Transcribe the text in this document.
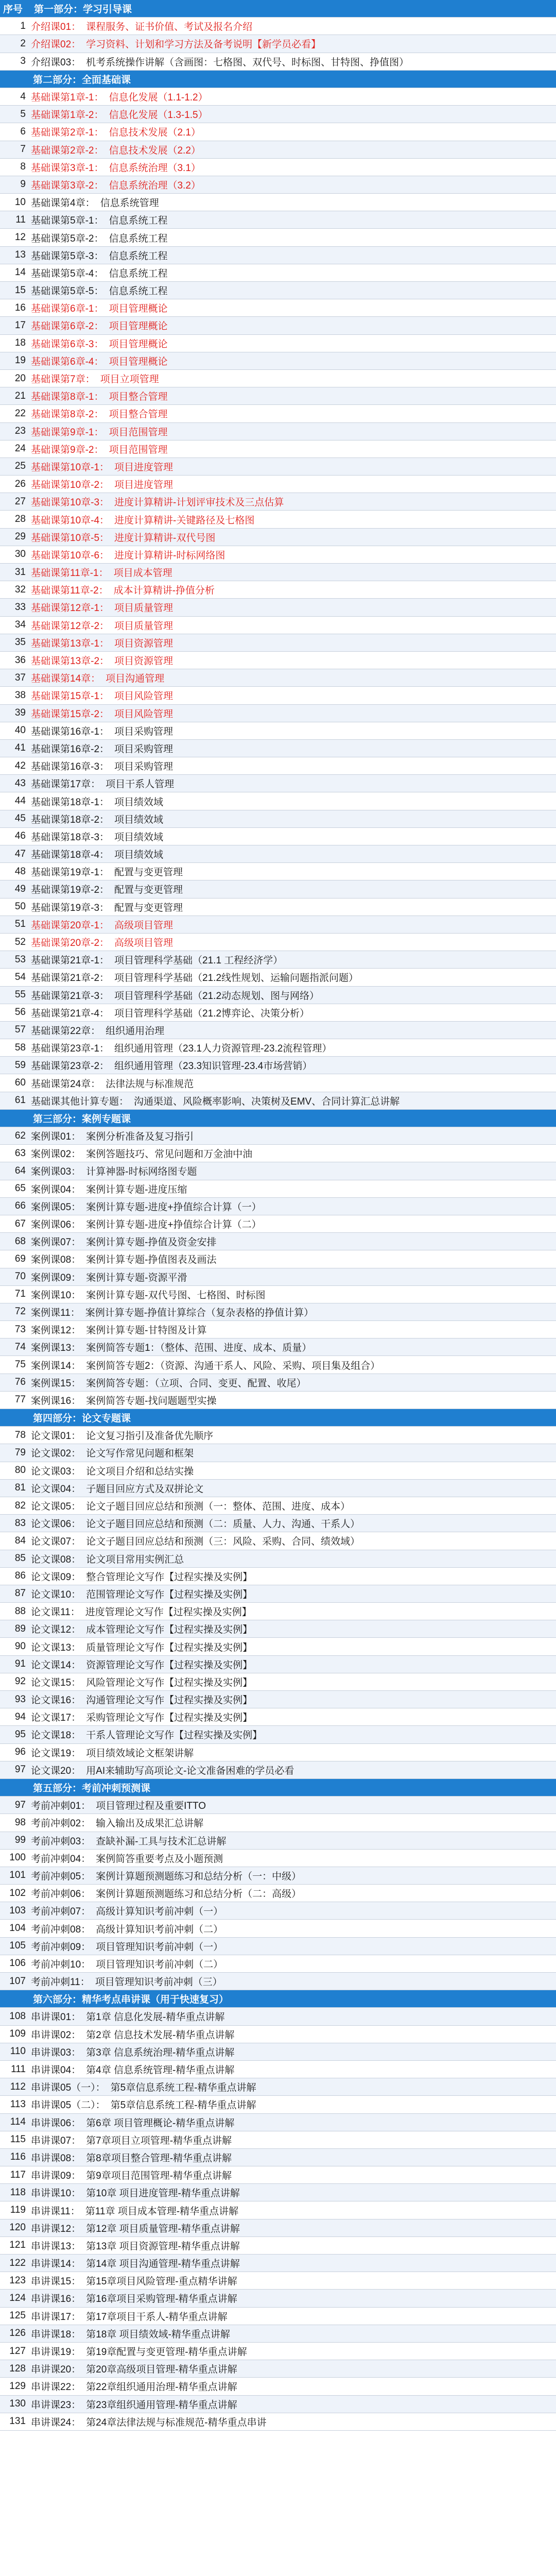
序号	第一部分：学习引导课
1 介绍课01： 课程服务、证书价值、考试及报名介绍
2 介绍课02： 学习资料、计划和学习方法及备考说明【新学员必看】
3 介绍课03： 机考系统操作讲解（含画图：七格图、双代号、时标图、甘特图、挣值图）
第二部分：全面基础课
4 基础课第1章-1： 信息化发展（1.1-1.2）
5 基础课第1章-2： 信息化发展（1.3-1.5）
6 基础课第2章-1： 信息技术发展（2.1）
7 基础课第2章-2： 信息技术发展（2.2）
8 基础课第3章-1： 信息系统治理（3.1）
9 基础课第3章-2： 信息系统治理（3.2）
10 基础课第4章： 信息系统管理
11 基础课第5章-1： 信息系统工程
12 基础课第5章-2： 信息系统工程
13 基础课第5章-3： 信息系统工程
14 基础课第5章-4： 信息系统工程
15 基础课第5章-5： 信息系统工程
16 基础课第6章-1： 项目管理概论
17 基础课第6章-2： 项目管理概论
18 基础课第6章-3： 项目管理概论
19 基础课第6章-4： 项目管理概论
20 基础课第7章： 项目立项管理
21 基础课第8章-1： 项目整合管理
22 基础课第8章-2： 项目整合管理
23 基础课第9章-1： 项目范围管理
24 基础课第9章-2： 项目范围管理
25 基础课第10章-1： 项目进度管理
26 基础课第10章-2： 项目进度管理
27 基础课第10章-3： 进度计算精讲-计划评审技术及三点估算
28 基础课第10章-4： 进度计算精讲-关键路径及七格图
29 基础课第10章-5： 进度计算精讲-双代号图
30 基础课第10章-6： 进度计算精讲-时标网络图
31 基础课第11章-1： 项目成本管理
32 基础课第11章-2： 成本计算精讲-挣值分析
33 基础课第12章-1： 项目质量管理
34 基础课第12章-2： 项目质量管理
35 基础课第13章-1： 项目资源管理
36 基础课第13章-2： 项目资源管理
37 基础课第14章： 项目沟通管理
38 基础课第15章-1： 项目风险管理
39 基础课第15章-2： 项目风险管理
40 基础课第16章-1： 项目采购管理
41 基础课第16章-2： 项目采购管理
42 基础课第16章-3： 项目采购管理
43 基础课第17章： 项目干系人管理
44 基础课第18章-1： 项目绩效域
45 基础课第18章-2： 项目绩效域
46 基础课第18章-3： 项目绩效域
47 基础课第18章-4： 项目绩效域
48 基础课第19章-1： 配置与变更管理
49 基础课第19章-2： 配置与变更管理
50 基础课第19章-3： 配置与变更管理
51 基础课第20章-1： 高级项目管理
52 基础课第20章-2： 高级项目管理
53 基础课第21章-1： 项目管理科学基础（21.1 工程经济学）
54 基础课第21章-2： 项目管理科学基础（21.2线性规划、运输问题指派问题）
55 基础课第21章-3： 项目管理科学基础（21.2动态规划、图与网络）
56 基础课第21章-4： 项目管理科学基础（21.2博弈论、决策分析）
57 基础课第22章： 组织通用治理
58 基础课第23章-1： 组织通用管理（23.1人力资源管理-23.2流程管理）
59 基础课第23章-2： 组织通用管理（23.3知识管理-23.4市场营销）
60 基础课第24章： 法律法规与标准规范
61 基础课其他计算专题： 沟通渠道、风险概率影响、决策树及EMV、合同计算汇总讲解
第三部分：案例专题课
62 案例课01： 案例分析准备及复习指引
63 案例课02： 案例答题技巧、常见问题和万金油中油
64 案例课03： 计算神器-时标网络图专题
65 案例课04： 案例计算专题-进度压缩
66 案例课05： 案例计算专题-进度+挣值综合计算（一）
67 案例课06： 案例计算专题-进度+挣值综合计算（二）
68 案例课07： 案例计算专题-挣值及资金安排
69 案例课08： 案例计算专题-挣值图表及画法
70 案例课09： 案例计算专题-资源平滑
71 案例课10： 案例计算专题-双代号图、七格图、时标图
72 案例课11： 案例计算专题-挣值计算综合（复杂表格的挣值计算）
73 案例课12： 案例计算专题-甘特图及计算
74 案例课13： 案例简答专题1：（整体、范围、进度、成本、质量）
75 案例课14： 案例简答专题2：（资源、沟通干系人、风险、采购、项目集及组合）
76 案例课15： 案例简答专题：（立项、合同、变更、配置、收尾）
77 案例课16： 案例简答专题-找问题题型实操
第四部分：论文专题课
78 论文课01： 论文复习指引及准备优先顺序
79 论文课02： 论文写作常见问题和框架
80 论文课03： 论文项目介绍和总结实操
81 论文课04： 子题目回应方式及双拼论文
82 论文课05： 论文子题目回应总结和预测（一：整体、范围、进度、成本）
83 论文课06： 论文子题目回应总结和预测（二：质量、人力、沟通、干系人）
84 论文课07： 论文子题目回应总结和预测（三：风险、采购、合同、绩效域）
85 论文课08： 论文项目常用实例汇总
86 论文课09： 整合管理论文写作【过程实操及实例】
87 论文课10： 范围管理论文写作【过程实操及实例】
88 论文课11： 进度管理论文写作【过程实操及实例】
89 论文课12： 成本管理论文写作【过程实操及实例】
90 论文课13： 质量管理论文写作【过程实操及实例】
91 论文课14： 资源管理论文写作【过程实操及实例】
92 论文课15： 风险管理论文写作【过程实操及实例】
93 论文课16： 沟通管理论文写作【过程实操及实例】
94 论文课17： 采购管理论文写作【过程实操及实例】
95 论文课18： 干系人管理论文写作【过程实操及实例】
96 论文课19： 项目绩效域论文框架讲解
97 论文课20： 用AI来辅助写高项论文-论文准备困难的学员必看
第五部分：考前冲刺预测课
97 考前冲刺01： 项目管理过程及重要ITTO
98 考前冲刺02： 输入输出及成果汇总讲解
99 考前冲刺03： 查缺补漏-工具与技术汇总讲解
100 考前冲刺04： 案例简答重要考点及小题预测
101 考前冲刺05： 案例计算题预测题练习和总结分析（一：中级）
102 考前冲刺06： 案例计算题预测题练习和总结分析（二：高级）
103 考前冲刺07： 高级计算知识考前冲刺（一）
104 考前冲刺08： 高级计算知识考前冲刺（二）
105 考前冲刺09： 项目管理知识考前冲刺（一）
106 考前冲刺10： 项目管理知识考前冲刺（二）
107 考前冲刺11： 项目管理知识考前冲刺（三）
第六部分：精华考点串讲课（用于快速复习）
108 串讲课01： 第1章 信息化发展-精华重点讲解
109 串讲课02： 第2章 信息技术发展-精华重点讲解
110 串讲课03： 第3章 信息系统治理-精华重点讲解
111 串讲课04： 第4章 信息系统管理-精华重点讲解
112 串讲课05（一）： 第5章信息系统工程-精华重点讲解
113 串讲课05（二）： 第5章信息系统工程-精华重点讲解
114 串讲课06： 第6章 项目管理概论-精华重点讲解
115 串讲课07： 第7章项目立项管理-精华重点讲解
116 串讲课08： 第8章项目整合管理-精华重点讲解
117 串讲课09： 第9章项目范围管理-精华重点讲解
118 串讲课10： 第10章 项目进度管理-精华重点讲解
119 串讲课11： 第11章 项目成本管理-精华重点讲解
120 串讲课12： 第12章 项目质量管理-精华重点讲解
121 串讲课13： 第13章 项目资源管理-精华重点讲解
122 串讲课14： 第14章 项目沟通管理-精华重点讲解
123 串讲课15： 第15章项目风险管理-重点精华讲解
124 串讲课16： 第16章项目采购管理-精华重点讲解
125 串讲课17： 第17章项目干系人-精华重点讲解
126 串讲课18： 第18章 项目绩效域-精华重点讲解
127 串讲课19： 第19章配置与变更管理-精华重点讲解
128 串讲课20： 第20章高级项目管理-精华重点讲解
129 串讲课22： 第22章组织通用治理-精华重点讲解
130 串讲课23： 第23章组织通用管理-精华重点讲解
131 串讲课24： 第24章法律法规与标准规范-精华重点串讲
